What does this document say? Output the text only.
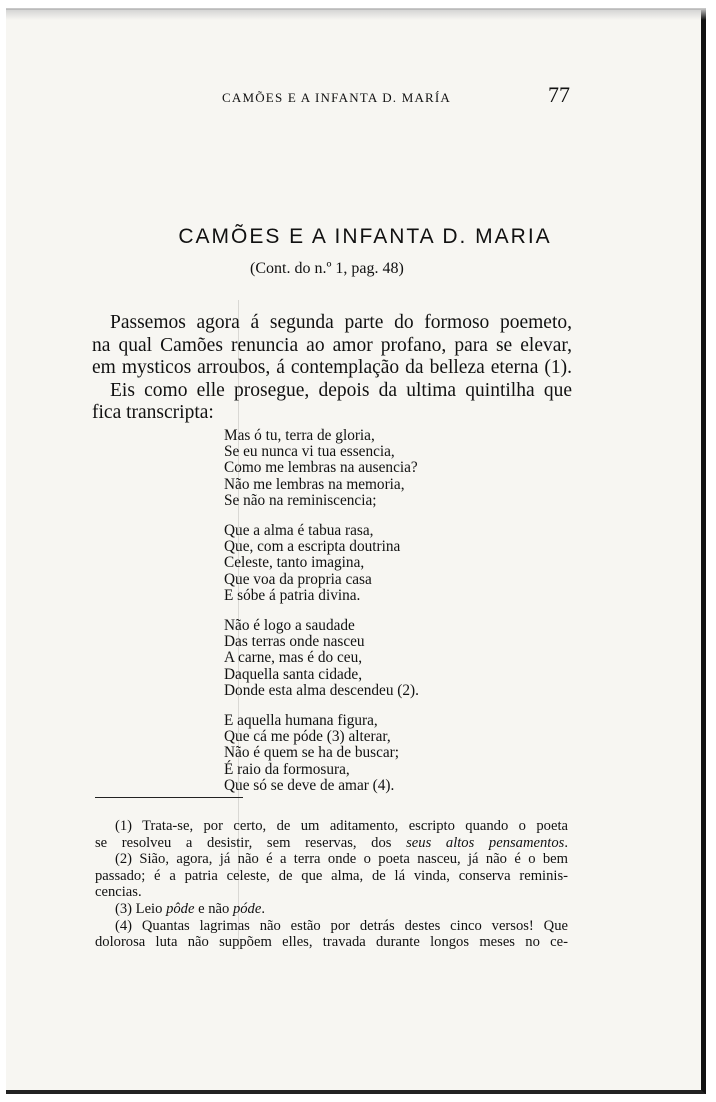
CAMÕES E A INFANTA D. MARÍA	77
CAMÕES E A INFANTA D. MARIA
(Cont. do n.º 1, pag. 48)

Passemos agora á segunda parte do formoso poemeto,
na qual Camões renuncia ao amor profano, para se elevar,
em mysticos arroubos, á contemplação da belleza eterna (1).

Eis como elle prosegue, depois da ultima quintilha que
fica transcripta:

Mas ó tu, terra de gloria,
Se eu nunca vi tua essencia,
Como me lembras na ausencia?
Não me lembras na memoria,
Se não na reminiscencia;
Que a alma é tabua rasa,
Que, com a escripta doutrina
Celeste, tanto imagina,
Que voa da propria casa
E sóbe á patria divina.
Não é logo a saudade
Das terras onde nasceu
A carne, mas é do ceu,
Daquella santa cidade,
Donde esta alma descendeu (2).
E aquella humana figura,
Que cá me póde (3) alterar,
Não é quem se ha de buscar;
É raio da formosura,
Que só se deve de amar (4).

(1) Trata-se, por certo, de um aditamento, escripto quando o poeta
se resolveu a desistir, sem reservas, dos seus altos pensamentos.

(2) Sião, agora, já não é a terra onde o poeta nasceu, já não é o bem
passado; é a patria celeste, de que alma, de lá vinda, conserva reminis-
cencias.

(3) Leio pôde e não póde.

(4) Quantas lagrimas não estão por detrás destes cinco versos! Que
dolorosa luta não suppõem elles, travada durante longos meses no ce-
